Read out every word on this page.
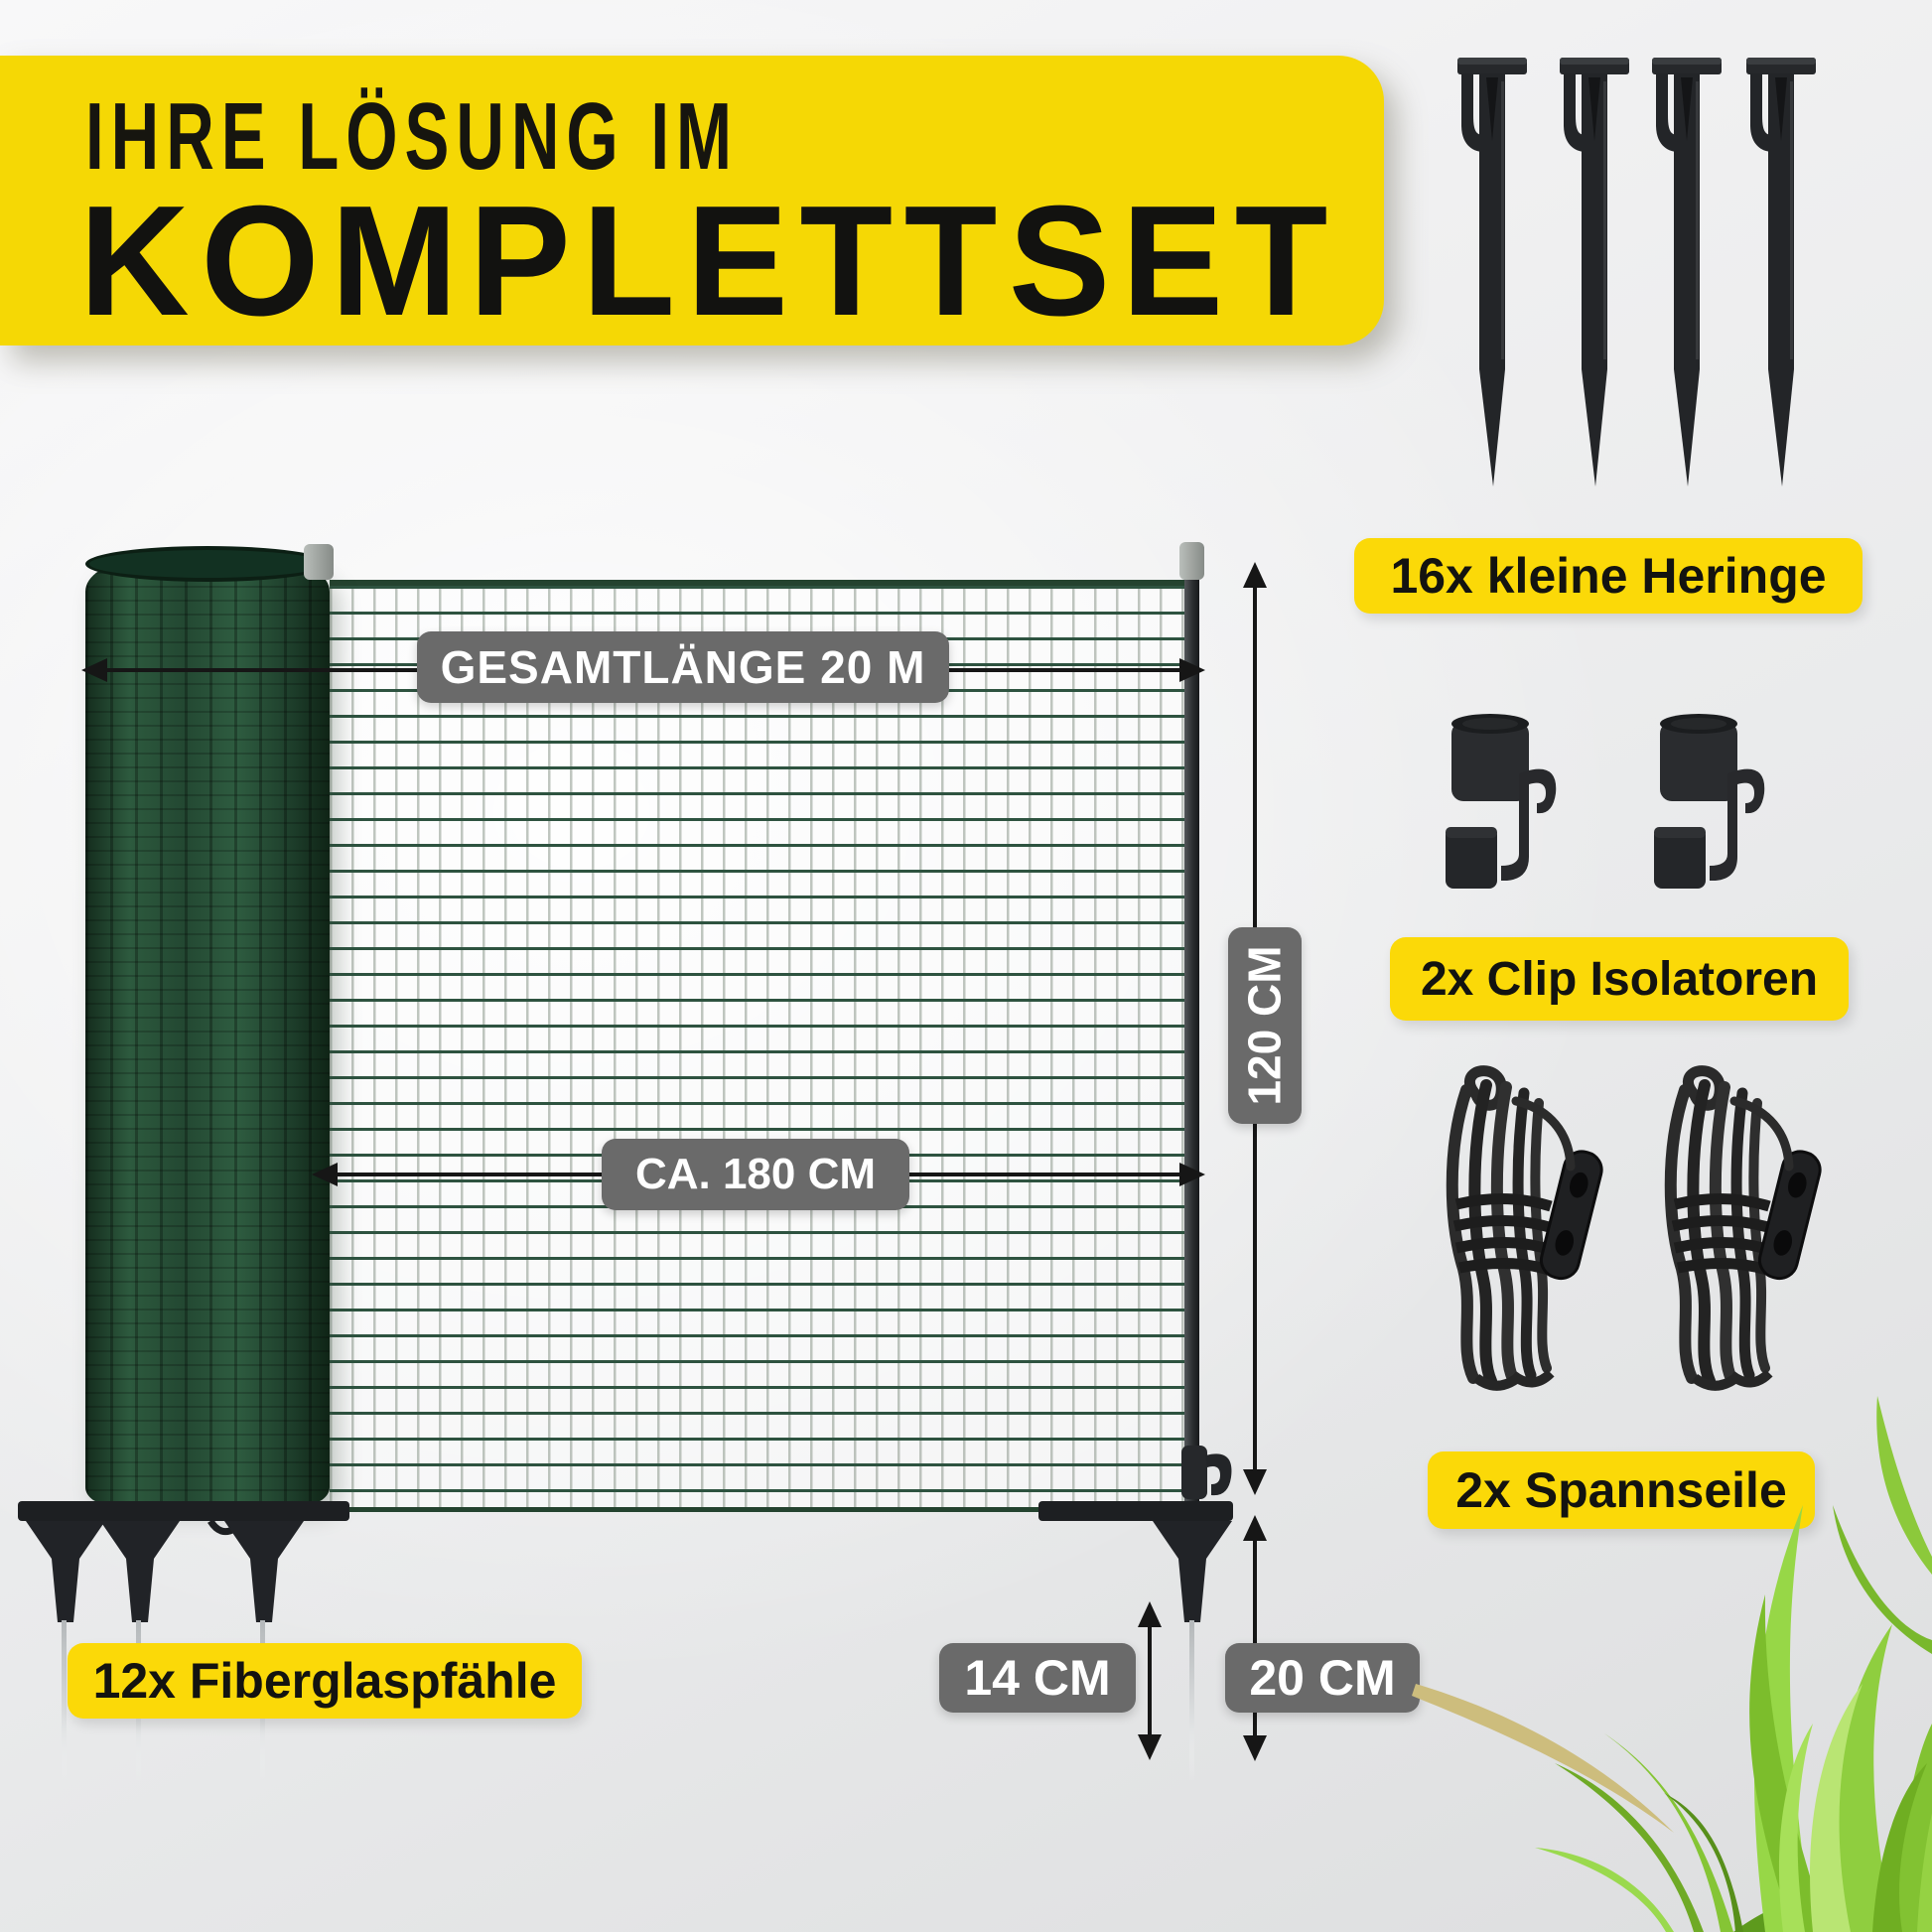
IHRE LÖSUNG IM
KOMPLETTSET
GESAMTLÄNGE 20 M
CA. 180 CM
120 CM
14 CM	20 CM
12x Fiberglaspfähle
16x kleine Heringe
2x Clip Isolatoren
2x Spannseile
